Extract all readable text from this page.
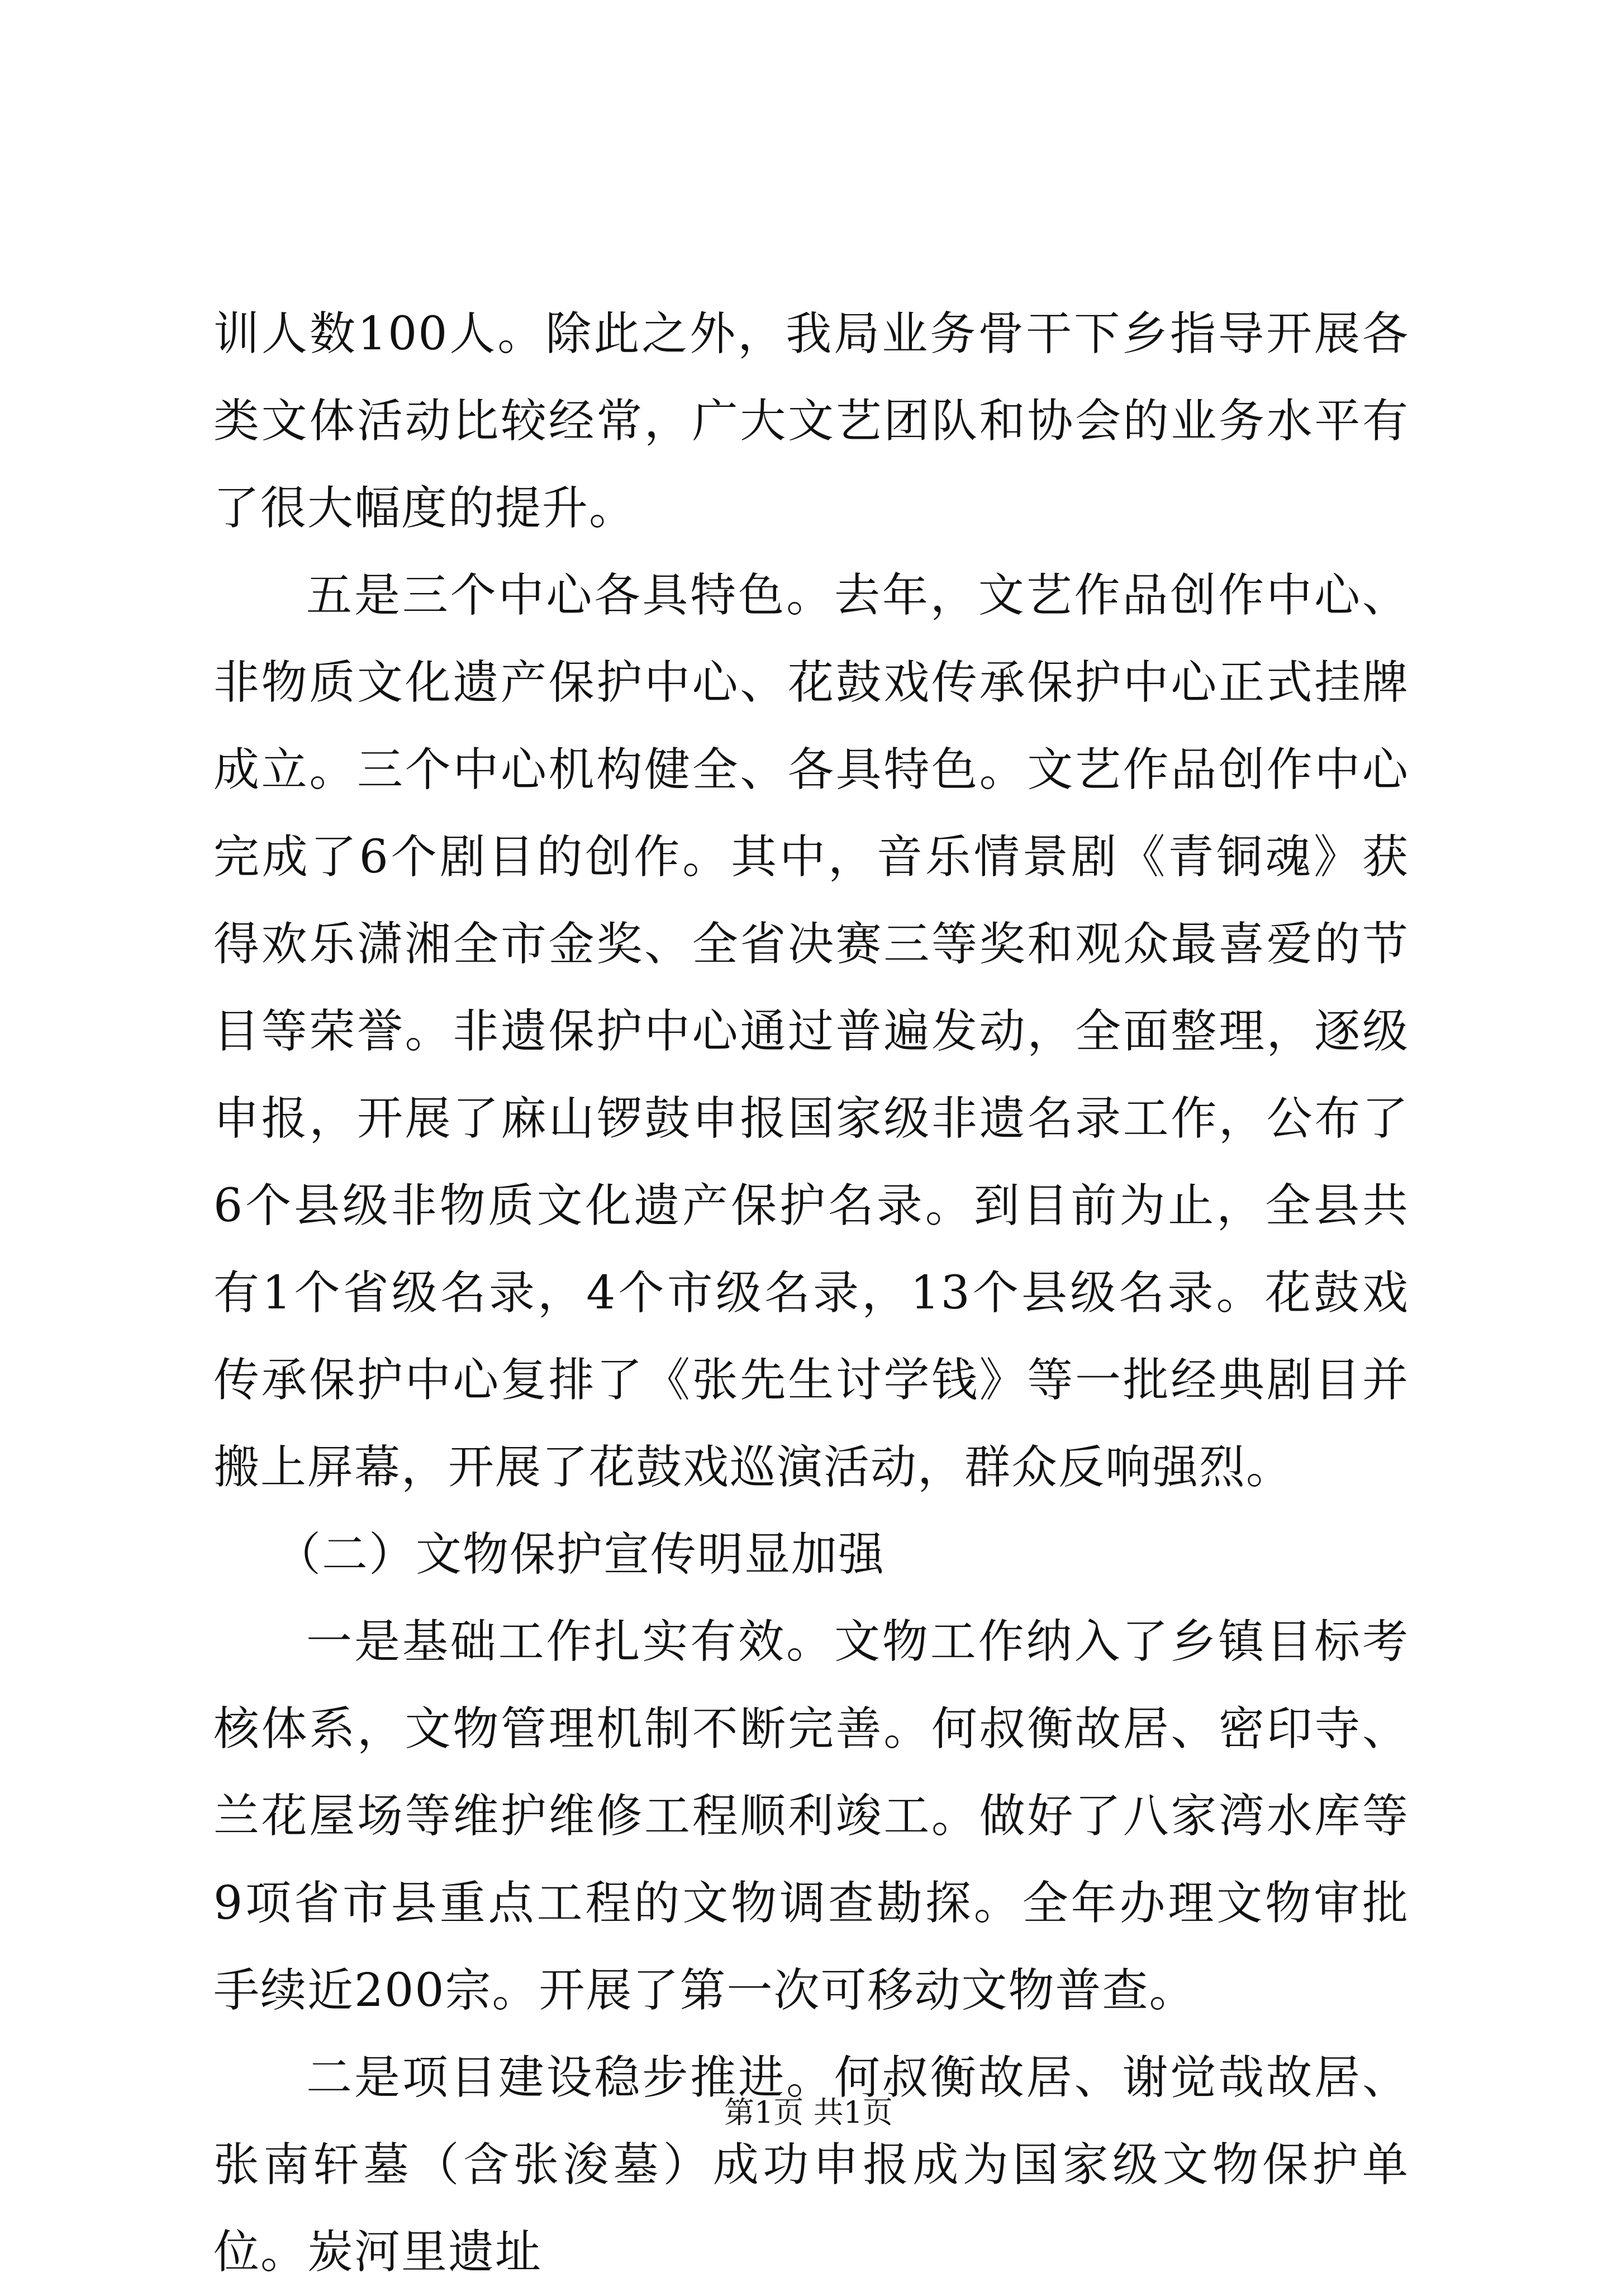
训人数100人。除此之外，我局业务骨干下乡指导开展各类文体活动比较经常，广大文艺团队和协会的业务水平有了很大幅度的提升。

五是三个中心各具特色。去年，文艺作品创作中心、非物质文化遗产保护中心、花鼓戏传承保护中心正式挂牌成立。三个中心机构健全、各具特色。文艺作品创作中心完成了6个剧目的创作。其中，音乐情景剧《青铜魂》获得欢乐潇湘全市金奖、全省决赛三等奖和观众最喜爱的节目等荣誉。非遗保护中心通过普遍发动，全面整理，逐级申报，开展了麻山锣鼓申报国家级非遗名录工作，公布了6个县级非物质文化遗产保护名录。到目前为止，全县共有1个省级名录，4个市级名录，13个县级名录。花鼓戏传承保护中心复排了《张先生讨学钱》等一批经典剧目并搬上屏幕，开展了花鼓戏巡演活动，群众反响强烈。

（二）文物保护宣传明显加强

一是基础工作扎实有效。文物工作纳入了乡镇目标考核体系，文物管理机制不断完善。何叔衡故居、密印寺、兰花屋场等维护维修工程顺利竣工。做好了八家湾水库等9项省市县重点工程的文物调查勘探。全年办理文物审批手续近200宗。开展了第一次可移动文物普查。

二是项目建设稳步推进。何叔衡故居、谢觉哉故居、张南轩墓（含张浚墓）成功申报成为国家级文物保护单位。炭河里遗址

第1页 共1页
